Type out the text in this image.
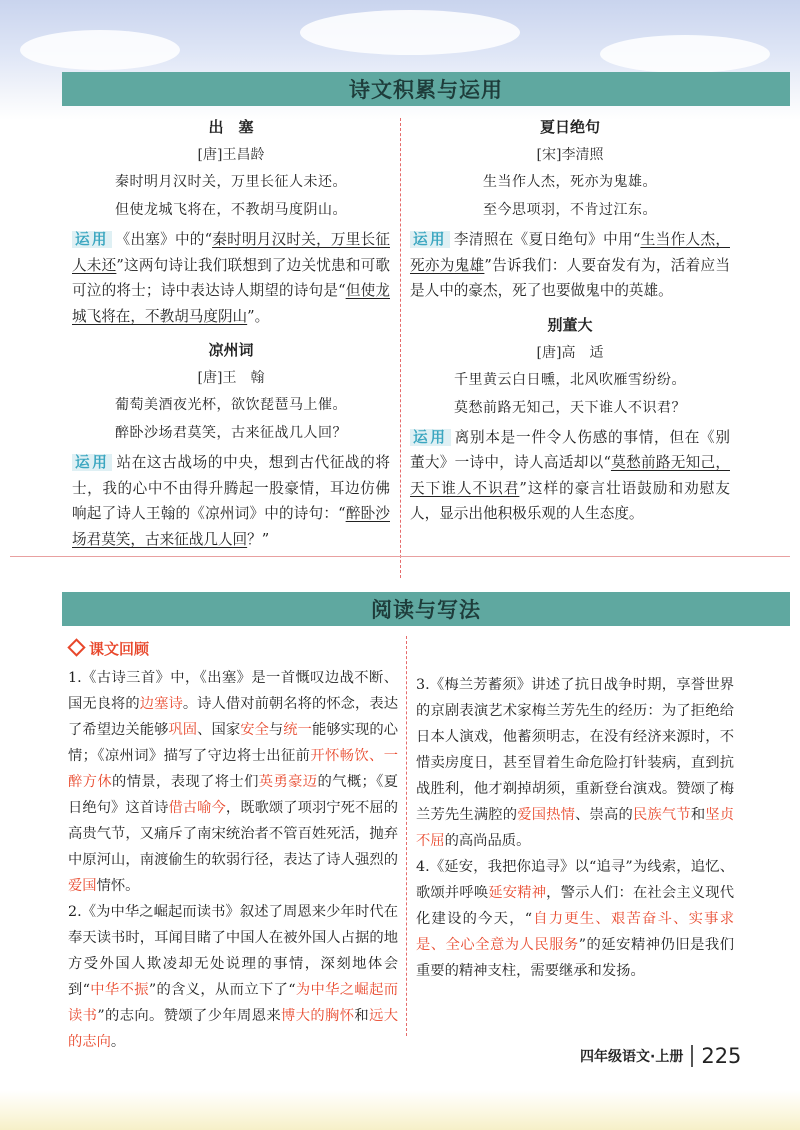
诗文积累与运用

出　塞

[唐]王昌龄

秦时明月汉时关，万里长征人未还。

但使龙城飞将在，不教胡马度阴山。

运用 《出塞》中的“秦时明月汉时关，万里长征人未还”这两句诗让我们联想到了边关忧患和可歌可泣的将士；诗中表达诗人期望的诗句是“但使龙城飞将在，不教胡马度阴山”。

凉州词

[唐]王　翰

葡萄美酒夜光杯，欲饮琵琶马上催。

醉卧沙场君莫笑，古来征战几人回？

运用 站在这古战场的中央，想到古代征战的将士，我的心中不由得升腾起一股豪情，耳边仿佛响起了诗人王翰的《凉州词》中的诗句：“醉卧沙场君莫笑，古来征战几人回？”

夏日绝句

[宋]李清照

生当作人杰，死亦为鬼雄。

至今思项羽，不肯过江东。

运用 李清照在《夏日绝句》中用“生当作人杰，死亦为鬼雄”告诉我们：人要奋发有为，活着应当是人中的豪杰，死了也要做鬼中的英雄。

别董大

[唐]高　适

千里黄云白日曛，北风吹雁雪纷纷。

莫愁前路无知己，天下谁人不识君？

运用 离别本是一件令人伤感的事情，但在《别董大》一诗中，诗人高适却以“莫愁前路无知己，天下谁人不识君”这样的豪言壮语鼓励和劝慰友人，显示出他积极乐观的人生态度。

阅读与写法

课文回顾

1.《古诗三首》中，《出塞》是一首慨叹边战不断、国无良将的边塞诗。诗人借对前朝名将的怀念，表达了希望边关能够巩固、国家安全与统一能够实现的心情；《凉州词》描写了守边将士出征前开怀畅饮、一醉方休的情景，表现了将士们英勇豪迈的气概；《夏日绝句》这首诗借古喻今，既歌颂了项羽宁死不屈的高贵气节，又痛斥了南宋统治者不管百姓死活，抛弃中原河山，南渡偷生的软弱行径，表达了诗人强烈的爱国情怀。

2.《为中华之崛起而读书》叙述了周恩来少年时代在奉天读书时，耳闻目睹了中国人在被外国人占据的地方受外国人欺凌却无处说理的事情，深刻地体会到“中华不振”的含义，从而立下了“为中华之崛起而读书”的志向。赞颂了少年周恩来博大的胸怀和远大的志向。

3.《梅兰芳蓄须》讲述了抗日战争时期，享誉世界的京剧表演艺术家梅兰芳先生的经历：为了拒绝给日本人演戏，他蓄须明志，在没有经济来源时，不惜卖房度日，甚至冒着生命危险打针装病，直到抗战胜利，他才剃掉胡须，重新登台演戏。赞颂了梅兰芳先生满腔的爱国热情、崇高的民族气节和坚贞不屈的高尚品质。

4.《延安，我把你追寻》以“追寻”为线索，追忆、歌颂并呼唤延安精神，警示人们：在社会主义现代化建设的今天，“自力更生、艰苦奋斗、实事求是、全心全意为人民服务”的延安精神仍旧是我们重要的精神支柱，需要继承和发扬。

四年级语文·上册 225
